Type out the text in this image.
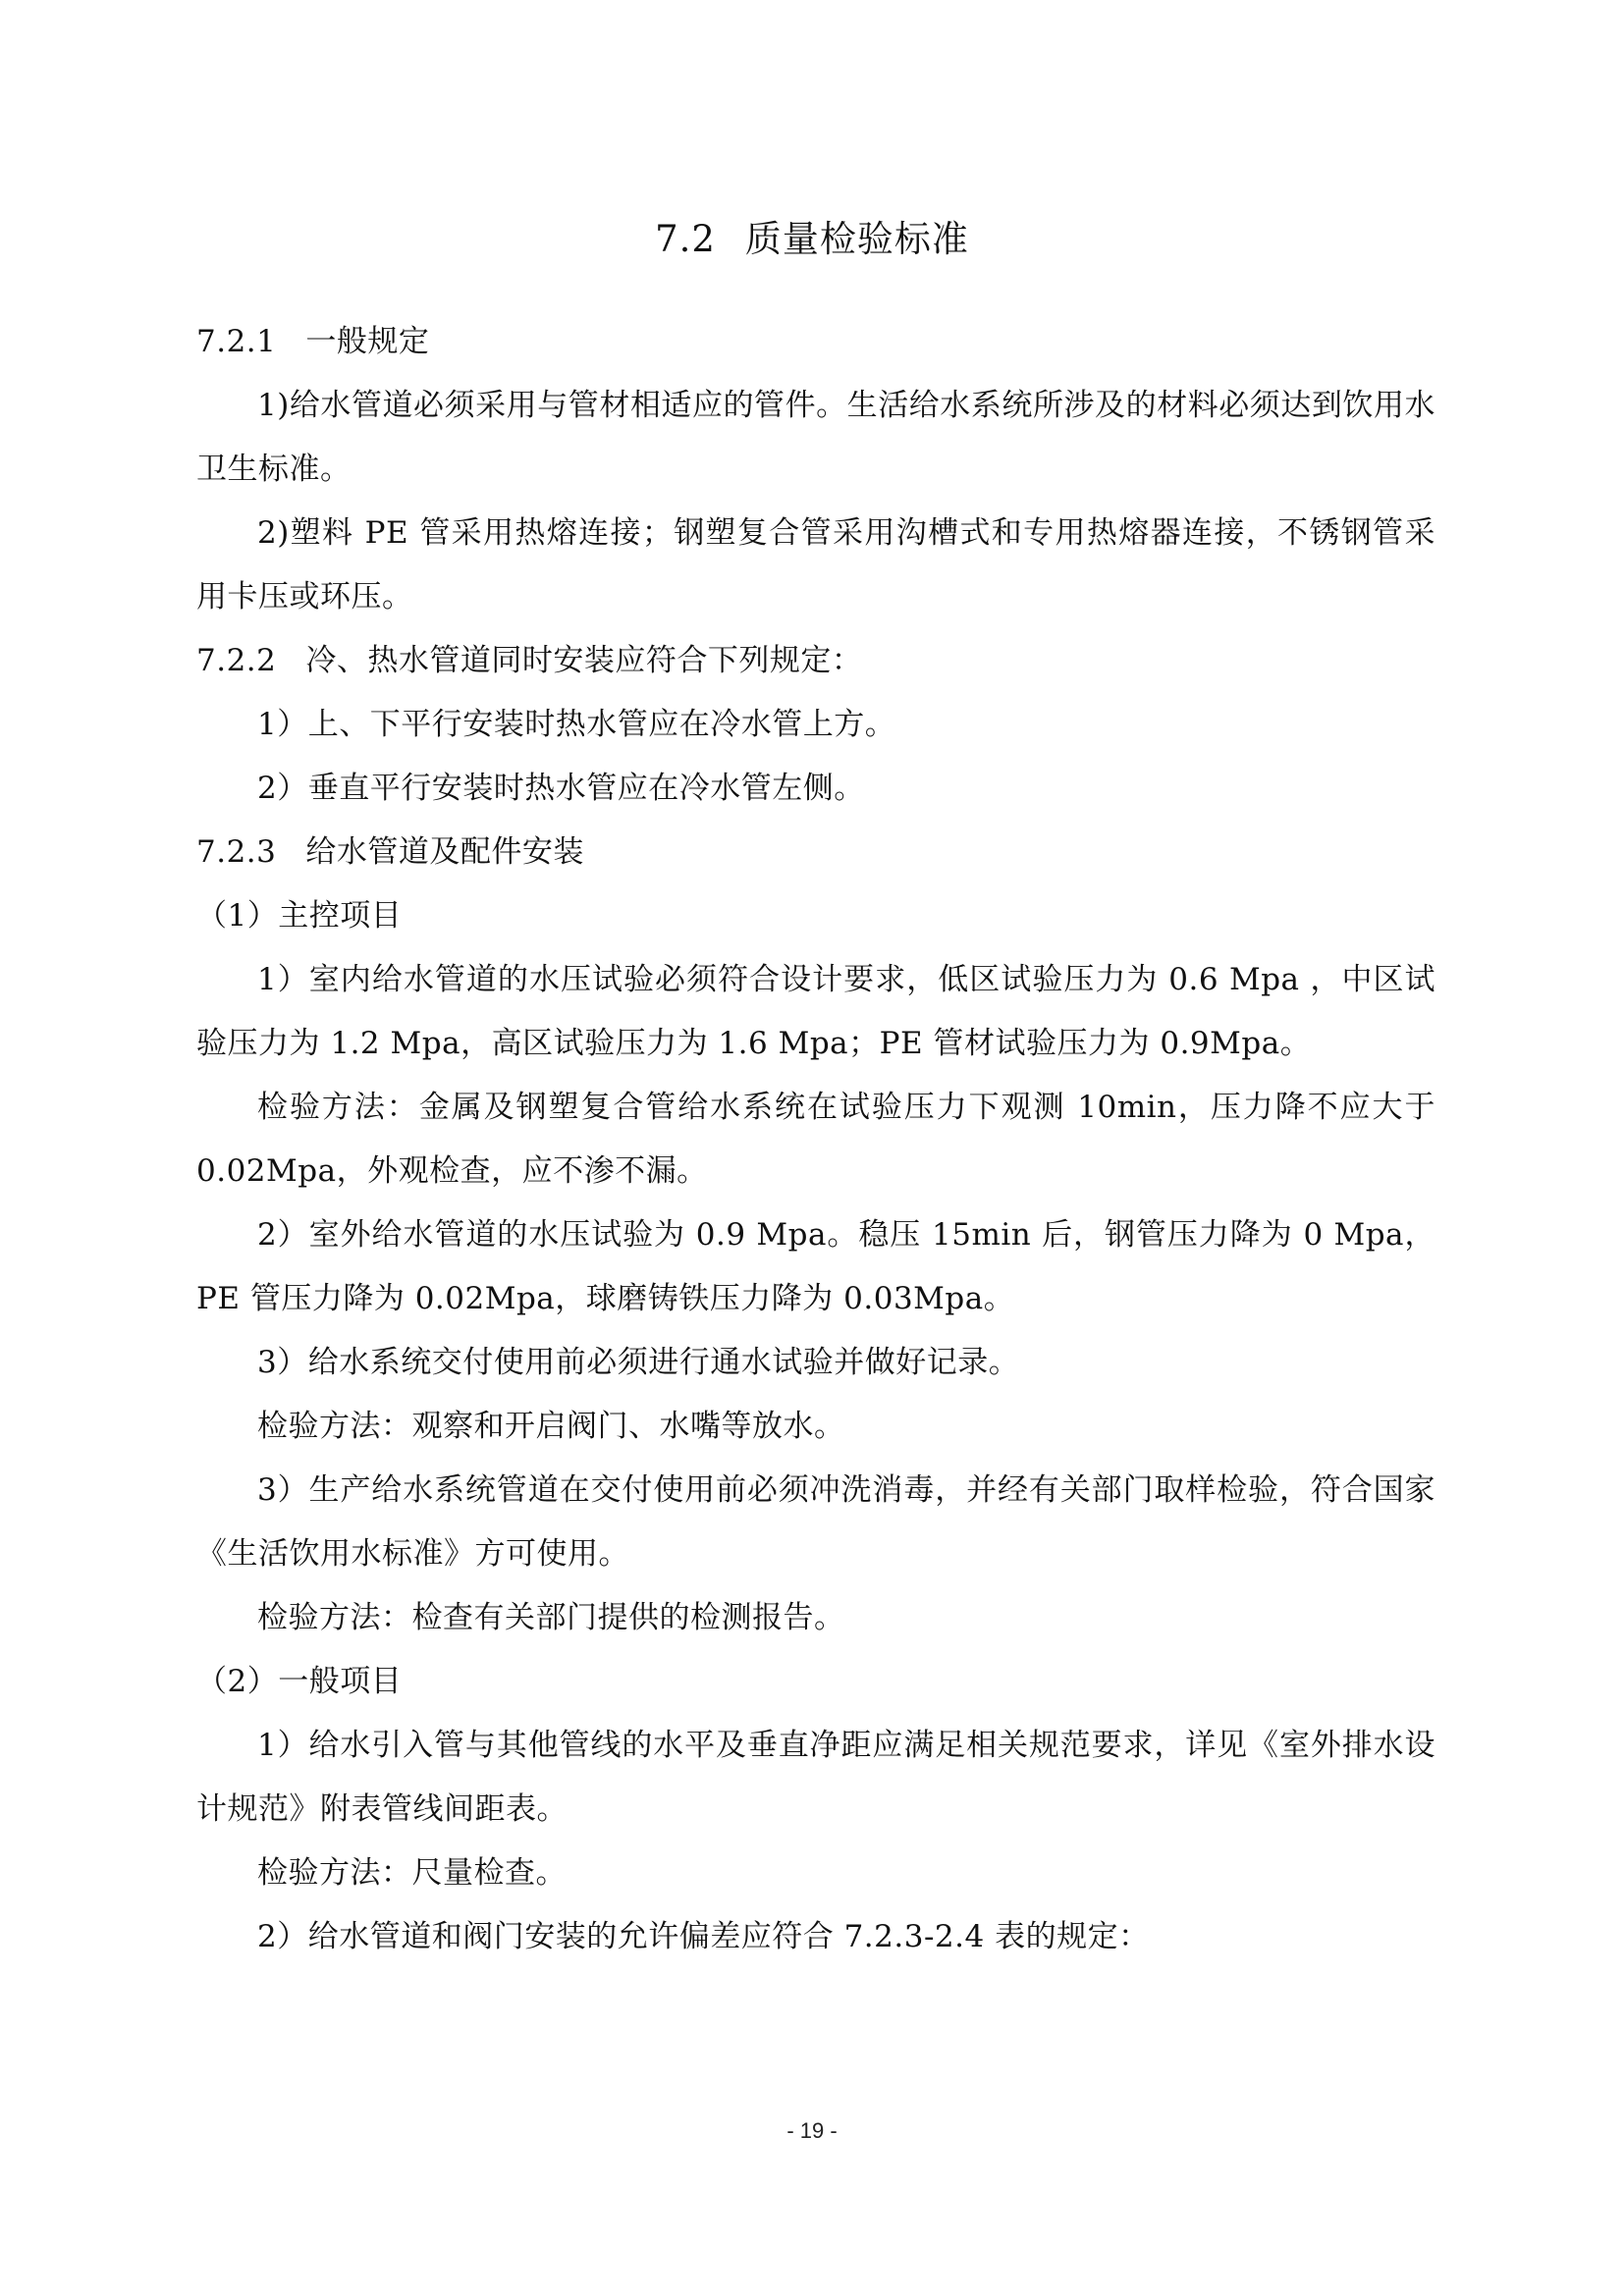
7.2 质量检验标准

7.2.1 一般规定

1)给水管道必须采用与管材相适应的管件。生活给水系统所涉及的材料必须达到饮用水卫生标准。

2)塑料 PE 管采用热熔连接；钢塑复合管采用沟槽式和专用热熔器连接，不锈钢管采用卡压或环压。

7.2.2 冷、热水管道同时安装应符合下列规定：

1）上、下平行安装时热水管应在冷水管上方。

2）垂直平行安装时热水管应在冷水管左侧。

7.2.3 给水管道及配件安装

（1）主控项目

1）室内给水管道的水压试验必须符合设计要求，低区试验压力为 0.6 Mpa ，中区试验压力为 1.2 Mpa，高区试验压力为 1.6 Mpa；PE 管材试验压力为 0.9Mpa。

检验方法：金属及钢塑复合管给水系统在试验压力下观测 10min，压力降不应大于 0.02Mpa，外观检查，应不渗不漏。

2）室外给水管道的水压试验为 0.9 Mpa。稳压 15min 后，钢管压力降为 0 Mpa， PE 管压力降为 0.02Mpa，球磨铸铁压力降为 0.03Mpa。

3）给水系统交付使用前必须进行通水试验并做好记录。

检验方法：观察和开启阀门、水嘴等放水。

3）生产给水系统管道在交付使用前必须冲洗消毒，并经有关部门取样检验，符合国家《生活饮用水标准》方可使用。

检验方法：检查有关部门提供的检测报告。

（2）一般项目

1）给水引入管与其他管线的水平及垂直净距应满足相关规范要求，详见《室外排水设计规范》附表管线间距表。

检验方法：尺量检查。

2）给水管道和阀门安装的允许偏差应符合 7.2.3-2.4 表的规定：

- 19 -
